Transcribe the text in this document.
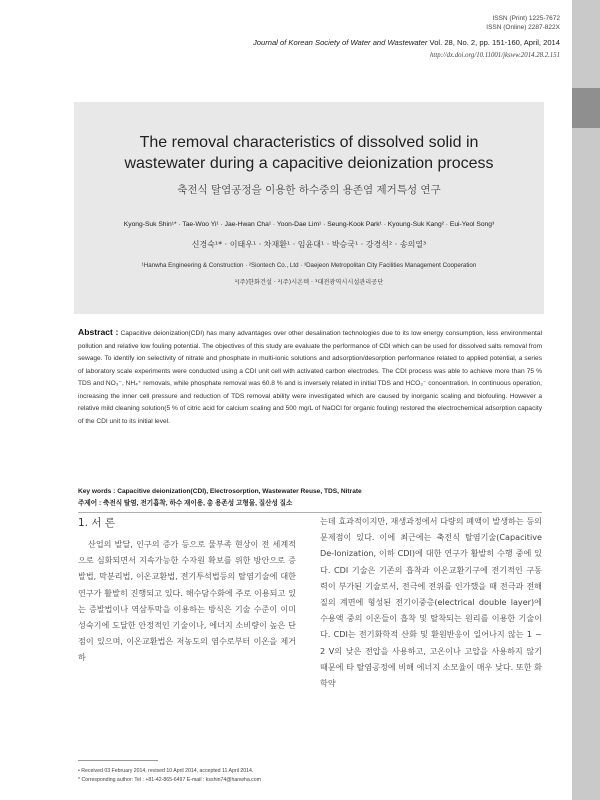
ISSN (Print) 1225-7672
ISSN (Online) 2287-822X
Journal of Korean Society of Water and Wastewater Vol. 28, No. 2, pp. 151-160, April, 2014
http://dx.doi.org/10.11001/jksww.2014.28.2.151
The removal characteristics of dissolved solid in
wastewater during a capacitive deionization process
축전식 탈염공정을 이용한 하수중의 용존염 제거특성 연구
Kyong-Suk Shin¹* · Tae-Woo Yi¹ · Jae-Hwan Cha¹ · Yoon-Dae Lim¹ · Seung-Kook Park¹ · Kyoung-Suk Kang² · Eui-Yeol Song³
신경숙¹* · 이태우¹ · 차재환¹ · 임윤대¹ · 박승국¹ · 강경석² · 송의열³
¹Hanwha Engineering & Construction · ²Siontech Co., Ltd · ³Daejeon Metropolitan City Facilities Management Cooperation
¹(주)한화건설 · ²(주)시온텍 · ³대전광역시시설관리공단
Abstract : Capacitive deionization(CDI) has many advantages over other desalination technologies due to its low energy consumption, less environmental pollution and relative low fouling potential. The objectives of this study are evaluate the performance of CDI which can be used for dissolved salts removal from sewage. To identify ion selectivity of nitrate and phosphate in multi-ionic solutions and adsorption/desorption performance related to applied potential, a series of laboratory scale experiments were conducted using a CDI unit cell with activated carbon electrodes. The CDI process was able to achieve more than 75 % TDS and NO₃⁻, NH₄⁺ removals, while phosphate removal was 60.8 % and is inversely related in initial TDS and HCO₃⁻ concentration. In continuous operation, increasing the inner cell pressure and reduction of TDS removal ability were investigated which are caused by inorganic scaling and biofouling. However a relative mild cleaning solution(5 % of citric acid for calcium scaling and 500 mg/L of NaOCl for organic fouling) restored the electrochemical adsorption capacity of the CDI unit to its initial level.
Key words : Capacitive deionization(CDI), Electrosorption, Wastewater Reuse, TDS, Nitrate
주제어 : 축전식 탈염, 전기흡착, 하수 재이용, 총 용존성 고형물, 질산성 질소
1. 서 론

산업의 발달, 인구의 증가 등으로 물부족 현상이 전 세계적으로 심화되면서 지속가능한 수자원 확보를 위한 방안으로 증발법, 막분리법, 이온교환법, 전기투석법등의 탈염기술에 대한 연구가 활발히 진행되고 있다. 해수담수화에 주로 이용되고 있는 증발법이나 역삼투막을 이용하는 방식은 기술 수준이 이미 성숙기에 도달한 안정적인 기술이나, 에너지 소비량이 높은 단점이 있으며, 이온교환법은 저농도의 염수로부터 이온을 제거하

는데 효과적이지만, 재생과정에서 다량의 폐액이 발생하는 등의 문제점이 있다. 이에 최근에는 축전식 탈염기술(Capacitive De-Ionization, 이하 CDI)에 대한 연구가 활발히 수행 중에 있다. CDI 기술은 기존의 흡착과 이온교환기구에 전기적인 구동력이 부가된 기술로서, 전극에 전위를 인가했을 때 전극과 전해질의 계면에 형성된 전기이중층(electrical double layer)에 수용액 중의 이온들이 흡착 및 탈착되는 원리를 이용한 기술이다. CDI는 전기화학적 산화 및 환원반응이 일어나지 않는 1 ~ 2 V의 낮은 전압을 사용하고, 고온이나 고압을 사용하지 않기 때문에 타 탈염공정에 비해 에너지 소모율이 매우 낮다. 또한 화학약
• Received 03 February 2014, revised 10 April 2014, accepted 11 April 2014.
* Corresponding author: Tel : +81-42-865-6497 E-mail : ksshin74@hanwha.com
